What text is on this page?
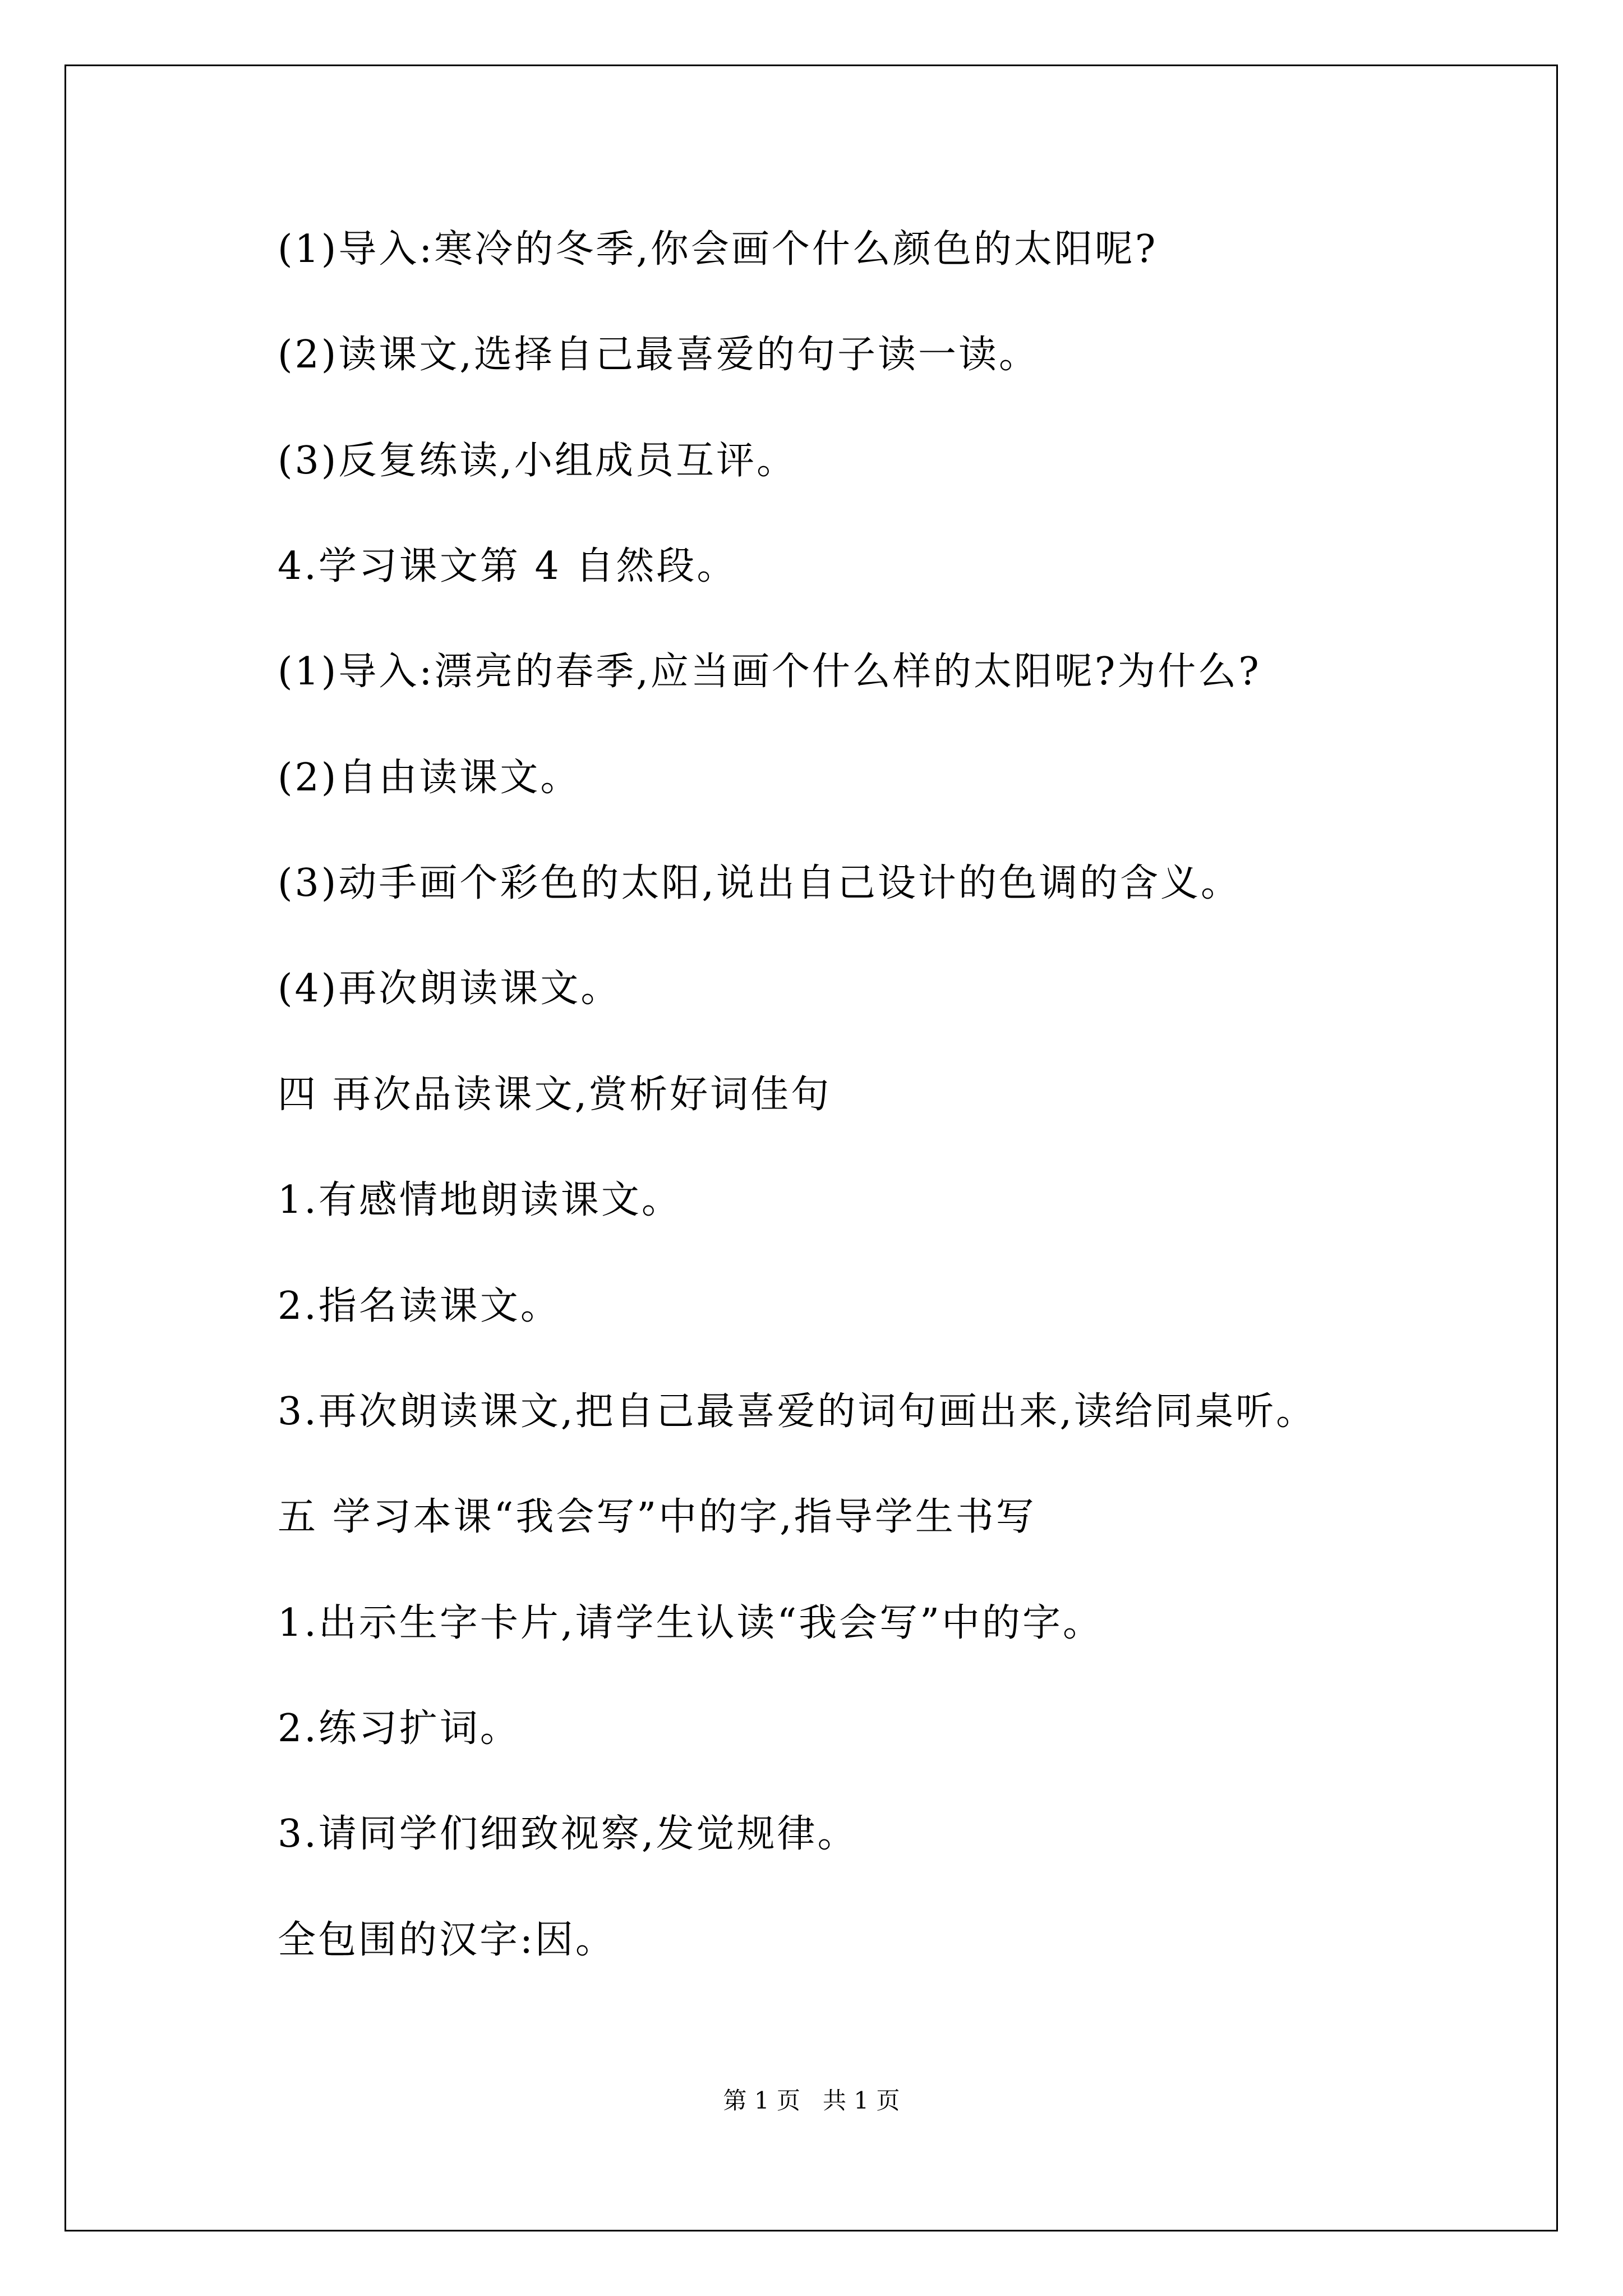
(1)导入:寒冷的冬季,你会画个什么颜色的太阳呢?
(2)读课文,选择自己最喜爱的句子读一读。
(3)反复练读,小组成员互评。
4.学习课文第 4 自然段。
(1)导入:漂亮的春季,应当画个什么样的太阳呢?为什么?
(2)自由读课文。
(3)动手画个彩色的太阳,说出自己设计的色调的含义。
(4)再次朗读课文。
四 再次品读课文,赏析好词佳句
1.有感情地朗读课文。
2.指名读课文。
3.再次朗读课文,把自己最喜爱的词句画出来,读给同桌听。
五 学习本课“我会写”中的字,指导学生书写
1.出示生字卡片,请学生认读“我会写”中的字。
2.练习扩词。
3.请同学们细致视察,发觉规律。
全包围的汉字:因。
第 1 页   共 1 页
